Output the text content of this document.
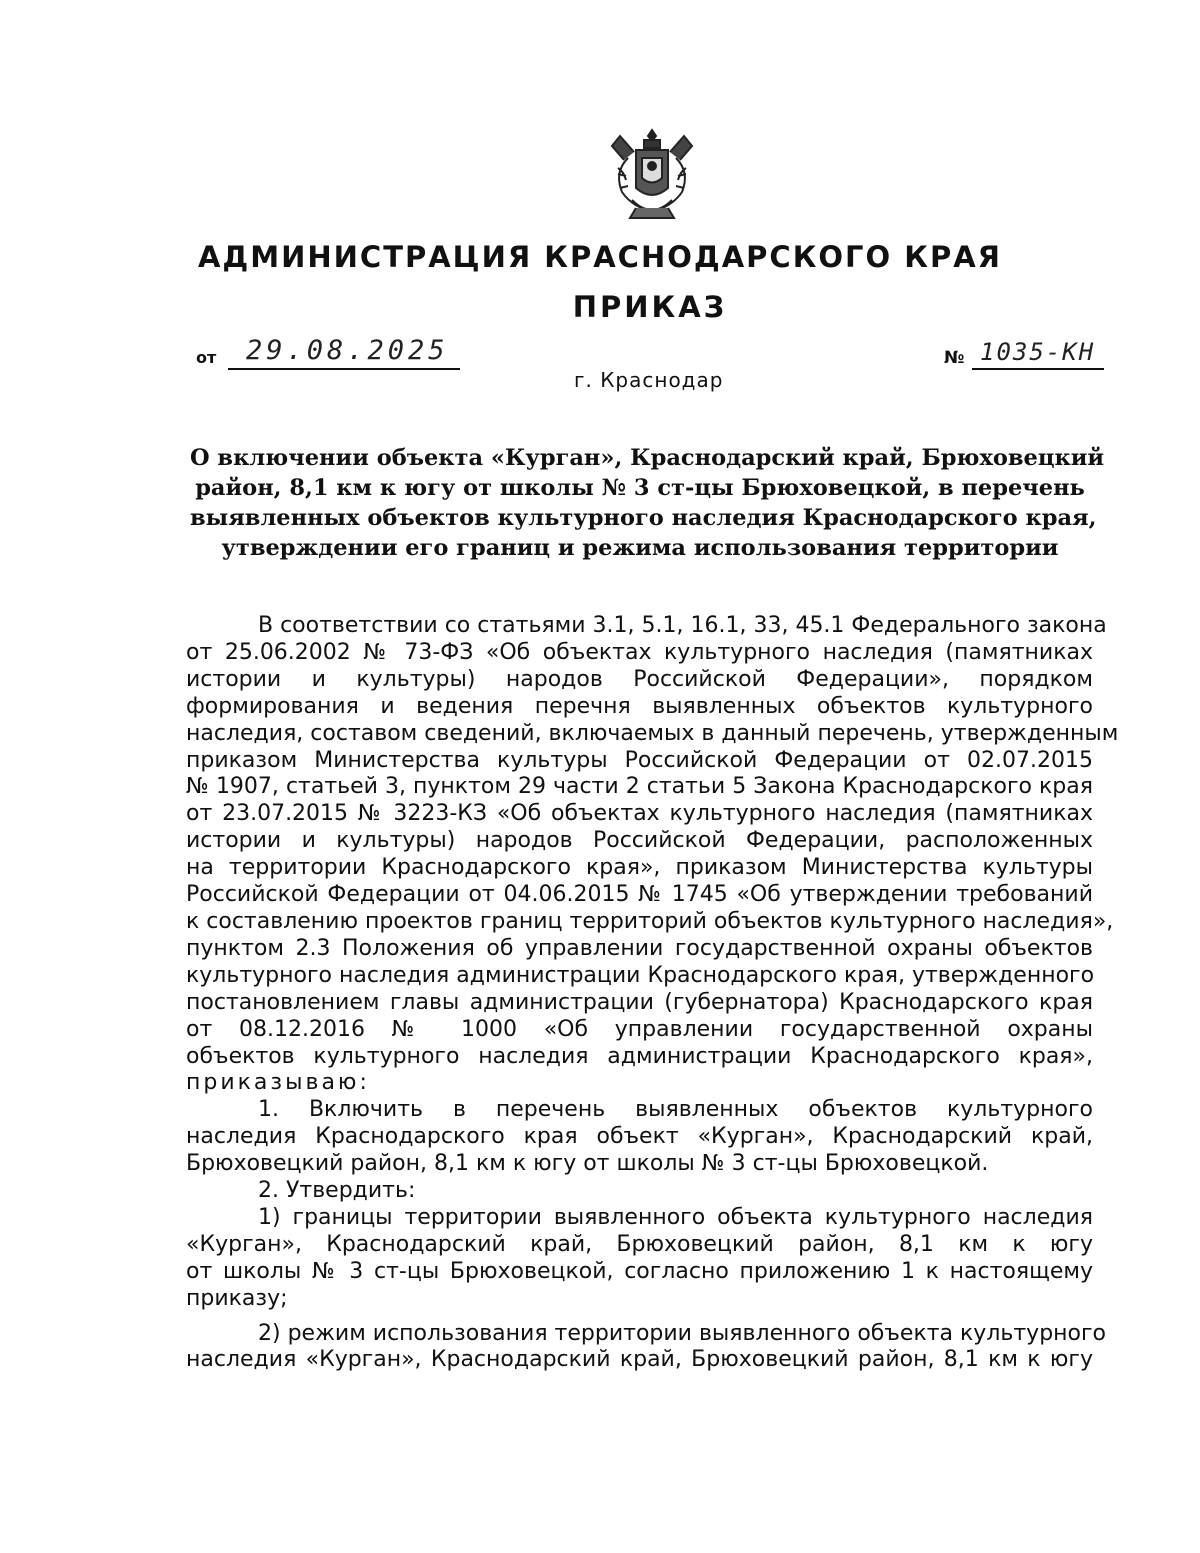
АДМИНИСТРАЦИЯ КРАСНОДАРСКОГО КРАЯ
ПРИКАЗ
от	29.08.2025	№ 1035-КН
г. Краснодар
О включении объекта «Курган», Краснодарский край, Брюховецкий
район, 8,1 км к югу от школы № 3 ст-цы Брюховецкой, в перечень
выявленных объектов культурного наследия Краснодарского края,
утверждении его границ и режима использования территории
В соответствии со статьями 3.1, 5.1, 16.1, 33, 45.1 Федерального закона
от 25.06.2002 № 73-ФЗ «Об объектах культурного наследия (памятниках
истории и культуры) народов Российской Федерации», порядком
формирования и ведения перечня выявленных объектов культурного
наследия, составом сведений, включаемых в данный перечень, утвержденным
приказом Министерства культуры Российской Федерации от 02.07.2015
№ 1907, статьей 3, пунктом 29 части 2 статьи 5 Закона Краснодарского края
от 23.07.2015 № 3223-КЗ «Об объектах культурного наследия (памятниках
истории и культуры) народов Российской Федерации, расположенных
на территории Краснодарского края», приказом Министерства культуры
Российской Федерации от 04.06.2015 № 1745 «Об утверждении требований
к составлению проектов границ территорий объектов культурного наследия»,
пунктом 2.3 Положения об управлении государственной охраны объектов
культурного наследия администрации Краснодарского края, утвержденного
постановлением главы администрации (губернатора) Краснодарского края
от 08.12.2016 № 1000 «Об управлении государственной охраны
объектов культурного наследия администрации Краснодарского края»,
приказываю:
1. Включить в перечень выявленных объектов культурного
наследия Краснодарского края объект «Курган», Краснодарский край,
Брюховецкий район, 8,1 км к югу от школы № 3 ст-цы Брюховецкой.
2. Утвердить:
1) границы территории выявленного объекта культурного наследия
«Курган», Краснодарский край, Брюховецкий район, 8,1 км к югу
от школы № 3 ст-цы Брюховецкой, согласно приложению 1 к настоящему
приказу;
2) режим использования территории выявленного объекта культурного
наследия «Курган», Краснодарский край, Брюховецкий район, 8,1 км к югу
